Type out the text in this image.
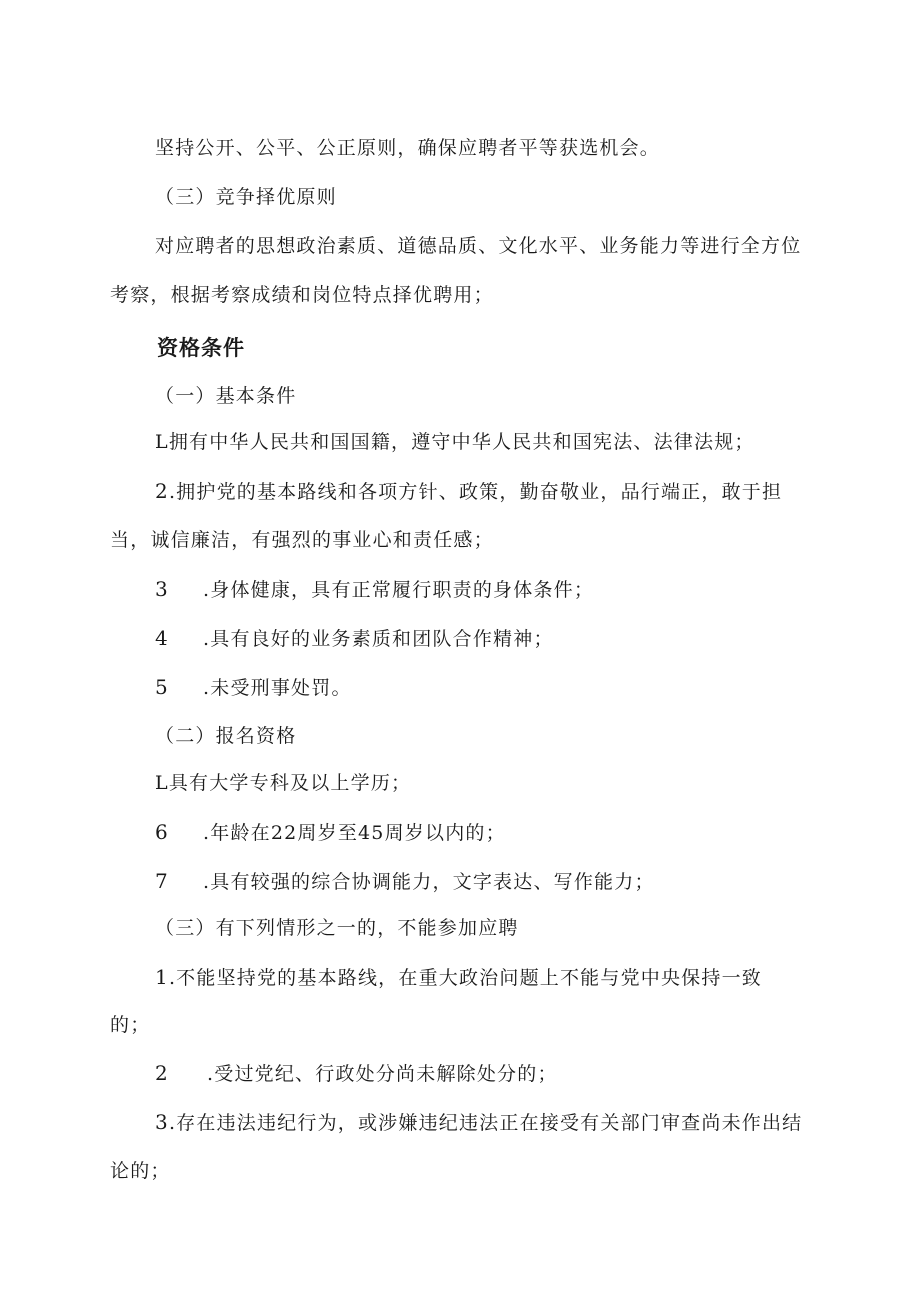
坚持公开、公平、公正原则，确保应聘者平等获选机会。
（三）竞争择优原则
对应聘者的思想政治素质、道德品质、文化水平、业务能力等进行全方位
考察，根据考察成绩和岗位特点择优聘用；
资格条件
（一）基本条件
L拥有中华人民共和国国籍，遵守中华人民共和国宪法、法律法规；
2.拥护党的基本路线和各项方针、政策，勤奋敬业，品行端正，敢于担
当，诚信廉洁，有强烈的事业心和责任感；
3 .身体健康，具有正常履行职责的身体条件；
4 .具有良好的业务素质和团队合作精神；
5 .未受刑事处罚。
（二）报名资格
L具有大学专科及以上学历；
6 .年龄在22周岁至45周岁以内的；
7 .具有较强的综合协调能力，文字表达、写作能力；
（三）有下列情形之一的，不能参加应聘
1.不能坚持党的基本路线，在重大政治问题上不能与党中央保持一致
的；
2 .受过党纪、行政处分尚未解除处分的；
3.存在违法违纪行为，或涉嫌违纪违法正在接受有关部门审查尚未作出结
论的；
